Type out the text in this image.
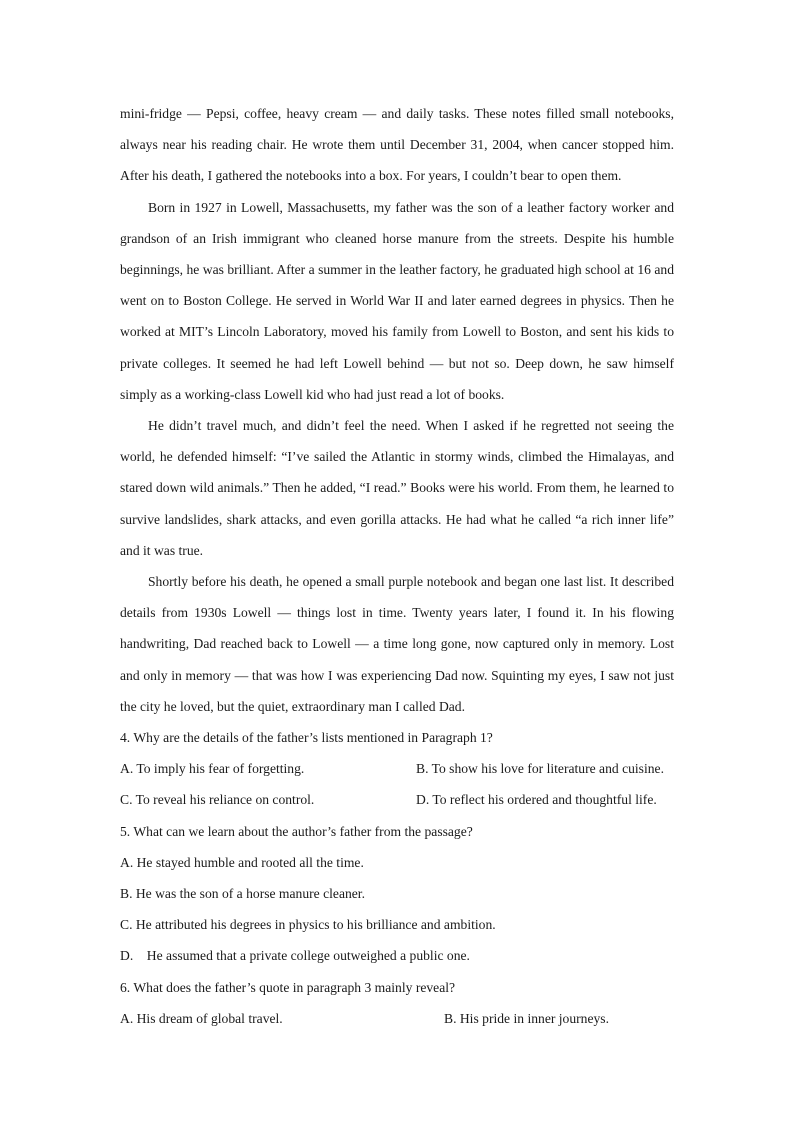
mini-fridge — Pepsi, coffee, heavy cream — and daily tasks. These notes filled small notebooks, always near his reading chair. He wrote them until December 31, 2004, when cancer stopped him. After his death, I gathered the notebooks into a box. For years, I couldn’t bear to open them.

Born in 1927 in Lowell, Massachusetts, my father was the son of a leather factory worker and grandson of an Irish immigrant who cleaned horse manure from the streets. Despite his humble beginnings, he was brilliant. After a summer in the leather factory, he graduated high school at 16 and went on to Boston College. He served in World War II and later earned degrees in physics. Then he worked at MIT’s Lincoln Laboratory, moved his family from Lowell to Boston, and sent his kids to private colleges. It seemed he had left Lowell behind — but not so. Deep down, he saw himself simply as a working-class Lowell kid who had just read a lot of books.

He didn’t travel much, and didn’t feel the need. When I asked if he regretted not seeing the world, he defended himself: “I’ve sailed the Atlantic in stormy winds, climbed the Himalayas, and stared down wild animals.” Then he added, “I read.” Books were his world. From them, he learned to survive landslides, shark attacks, and even gorilla attacks. He had what he called “a rich inner life” and it was true.

Shortly before his death, he opened a small purple notebook and began one last list. It described details from 1930s Lowell — things lost in time. Twenty years later, I found it. In his flowing handwriting, Dad reached back to Lowell — a time long gone, now captured only in memory. Lost and only in memory — that was how I was experiencing Dad now. Squinting my eyes, I saw not just the city he loved, but the quiet, extraordinary man I called Dad.

4. Why are the details of the father’s lists mentioned in Paragraph 1?

A. To imply his fear of forgetting.	B. To show his love for literature and cuisine.
C. To reveal his reliance on control.	D. To reflect his ordered and thoughtful life.

5. What can we learn about the author’s father from the passage?

A. He stayed humble and rooted all the time.

B. He was the son of a horse manure cleaner.

C. He attributed his degrees in physics to his brilliance and ambition.

D.    He assumed that a private college outweighed a public one.

6. What does the father’s quote in paragraph 3 mainly reveal?

A. His dream of global travel.	B. His pride in inner journeys.
